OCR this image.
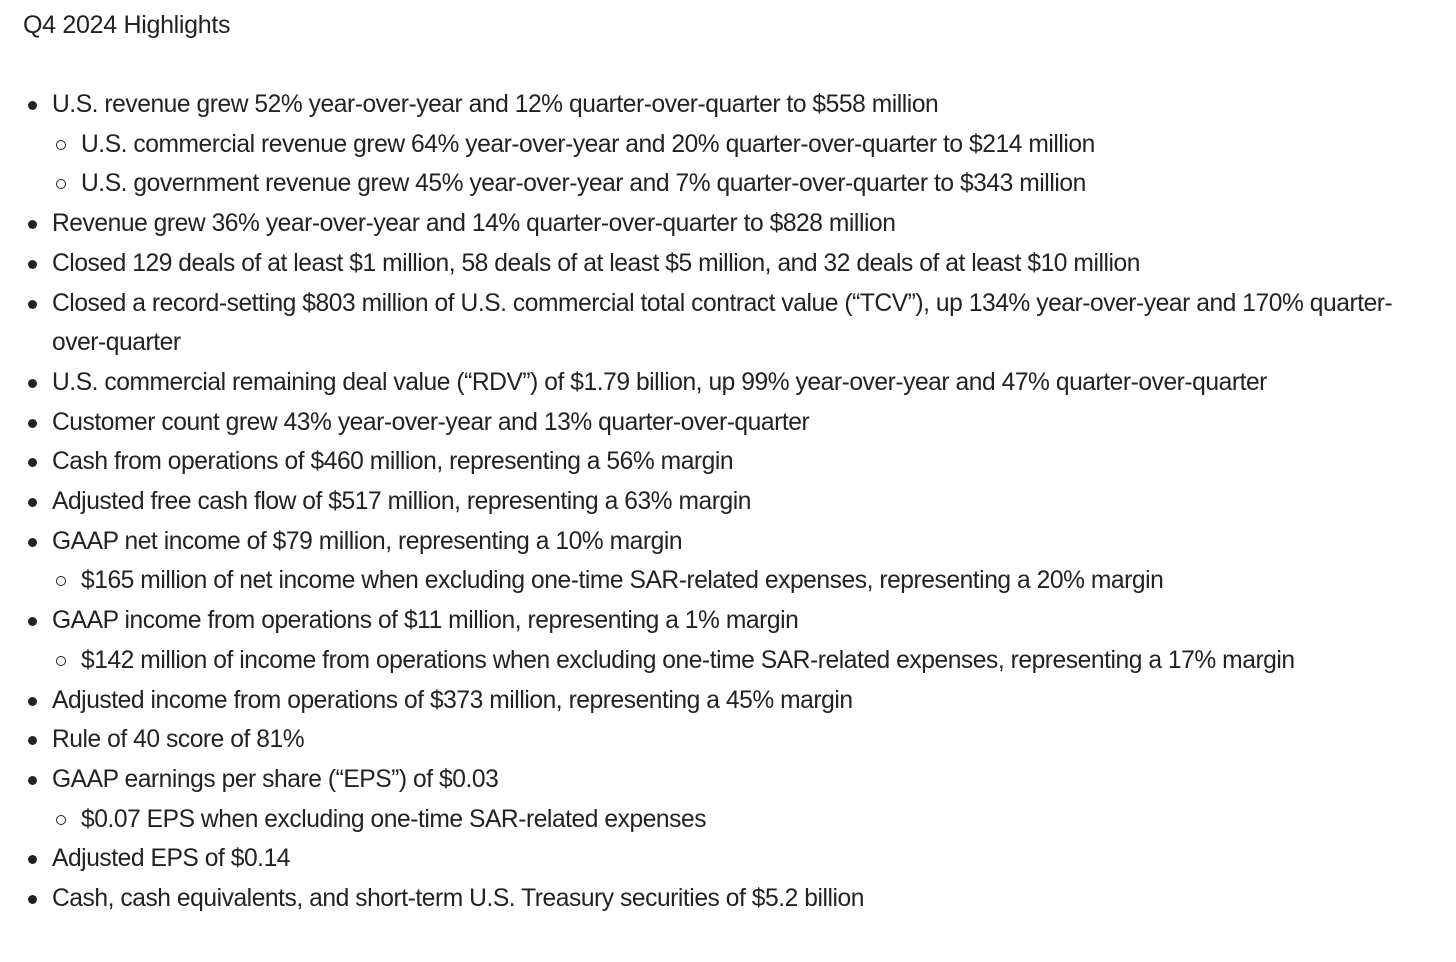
Q4 2024 Highlights
U.S. revenue grew 52% year-over-year and 12% quarter-over-quarter to $558 million
U.S. commercial revenue grew 64% year-over-year and 20% quarter-over-quarter to $214 million
U.S. government revenue grew 45% year-over-year and 7% quarter-over-quarter to $343 million
Revenue grew 36% year-over-year and 14% quarter-over-quarter to $828 million
Closed 129 deals of at least $1 million, 58 deals of at least $5 million, and 32 deals of at least $10 million
Closed a record-setting $803 million of U.S. commercial total contract value (“TCV”), up 134% year-over-year and 170% quarter-over-quarter
U.S. commercial remaining deal value (“RDV”) of $1.79 billion, up 99% year-over-year and 47% quarter-over-quarter
Customer count grew 43% year-over-year and 13% quarter-over-quarter
Cash from operations of $460 million, representing a 56% margin
Adjusted free cash flow of $517 million, representing a 63% margin
GAAP net income of $79 million, representing a 10% margin
$165 million of net income when excluding one-time SAR-related expenses, representing a 20% margin
GAAP income from operations of $11 million, representing a 1% margin
$142 million of income from operations when excluding one-time SAR-related expenses, representing a 17% margin
Adjusted income from operations of $373 million, representing a 45% margin
Rule of 40 score of 81%
GAAP earnings per share (“EPS”) of $0.03
$0.07 EPS when excluding one-time SAR-related expenses
Adjusted EPS of $0.14
Cash, cash equivalents, and short-term U.S. Treasury securities of $5.2 billion
